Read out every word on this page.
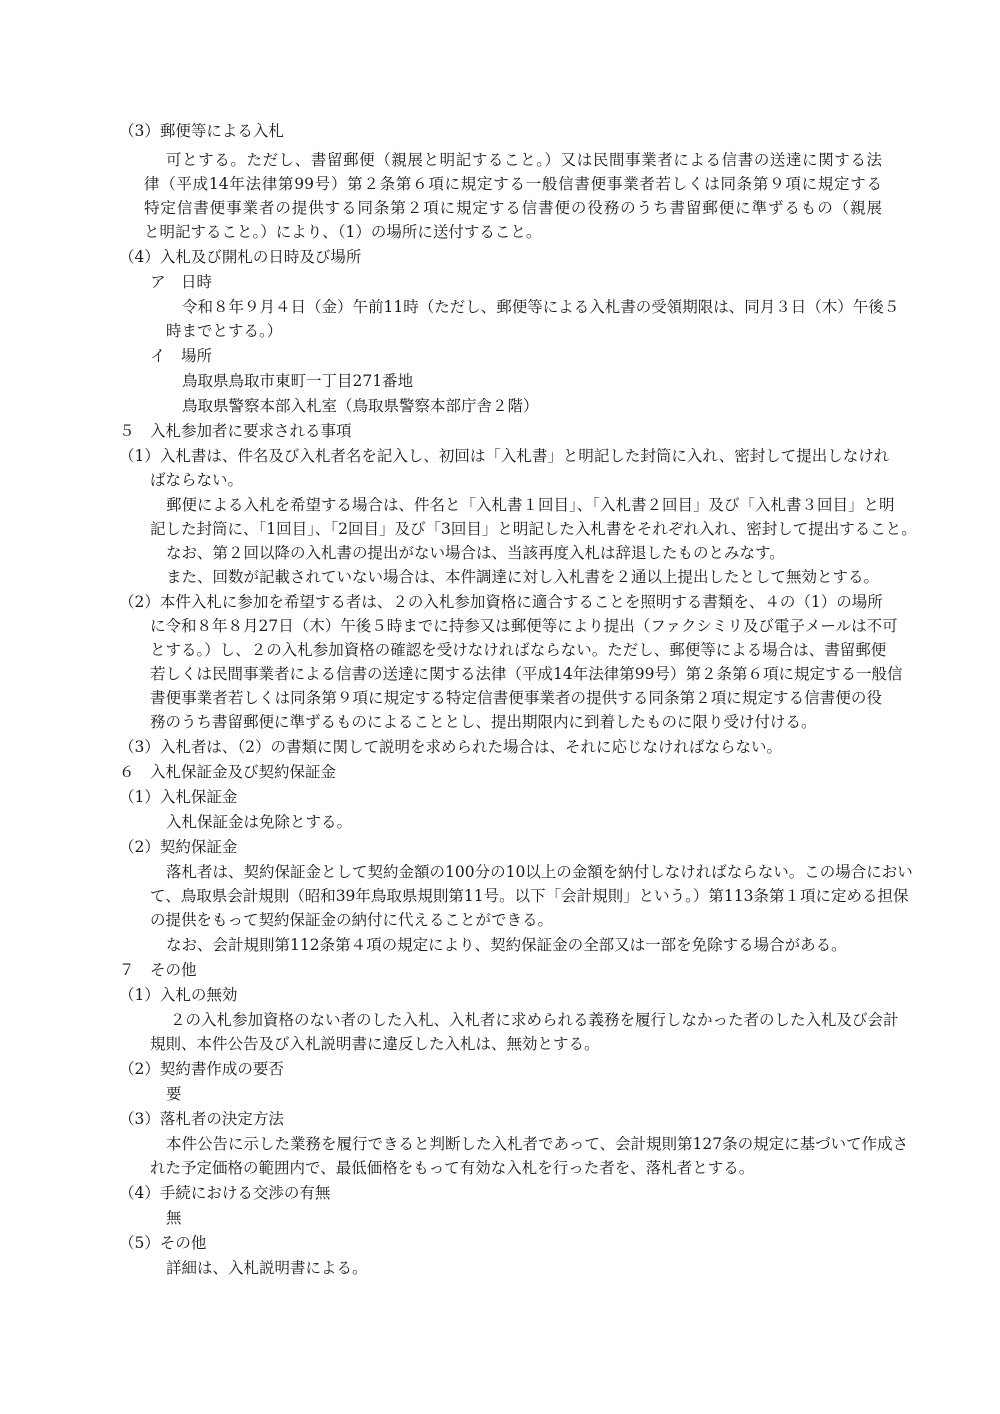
（3）郵便等による入札
可とする。ただし、書留郵便（親展と明記すること。）又は民間事業者による信書の送達に関する法
律（平成14年法律第99号）第２条第６項に規定する一般信書便事業者若しくは同条第９項に規定する
特定信書便事業者の提供する同条第２項に規定する信書便の役務のうち書留郵便に準ずるもの（親展
と明記すること。）により、（1）の場所に送付すること。
（4）入札及び開札の日時及び場所
ア　日時
令和８年９月４日（金）午前11時（ただし、郵便等による入札書の受領期限は、同月３日（木）午後５
時までとする。）
イ　場所
鳥取県鳥取市東町一丁目271番地
鳥取県警察本部入札室（鳥取県警察本部庁舎２階）
５　入札参加者に要求される事項
（1）入札書は、件名及び入札者名を記入し、初回は「入札書」と明記した封筒に入れ、密封して提出しなけれ
ばならない。
郵便による入札を希望する場合は、件名と「入札書１回目」、「入札書２回目」及び「入札書３回目」と明
記した封筒に、「1回目」、「2回目」及び「3回目」と明記した入札書をそれぞれ入れ、密封して提出すること。
なお、第２回以降の入札書の提出がない場合は、当該再度入札は辞退したものとみなす。
また、回数が記載されていない場合は、本件調達に対し入札書を２通以上提出したとして無効とする。
（2）本件入札に参加を希望する者は、２の入札参加資格に適合することを照明する書類を、４の（1）の場所
に令和８年８月27日（木）午後５時までに持参又は郵便等により提出（ファクシミリ及び電子メールは不可
とする。）し、２の入札参加資格の確認を受けなければならない。ただし、郵便等による場合は、書留郵便
若しくは民間事業者による信書の送達に関する法律（平成14年法律第99号）第２条第６項に規定する一般信
書便事業者若しくは同条第９項に規定する特定信書便事業者の提供する同条第２項に規定する信書便の役
務のうち書留郵便に準ずるものによることとし、提出期限内に到着したものに限り受け付ける。
（3）入札者は、（2）の書類に関して説明を求められた場合は、それに応じなければならない。
６　入札保証金及び契約保証金
（1）入札保証金
入札保証金は免除とする。
（2）契約保証金
落札者は、契約保証金として契約金額の100分の10以上の金額を納付しなければならない。この場合におい
て、鳥取県会計規則（昭和39年鳥取県規則第11号。以下「会計規則」という。）第113条第１項に定める担保
の提供をもって契約保証金の納付に代えることができる。
なお、会計規則第112条第４項の規定により、契約保証金の全部又は一部を免除する場合がある。
７　その他
（1）入札の無効
２の入札参加資格のない者のした入札、入札者に求められる義務を履行しなかった者のした入札及び会計
規則、本件公告及び入札説明書に違反した入札は、無効とする。
（2）契約書作成の要否
要
（3）落札者の決定方法
本件公告に示した業務を履行できると判断した入札者であって、会計規則第127条の規定に基づいて作成さ
れた予定価格の範囲内で、最低価格をもって有効な入札を行った者を、落札者とする。
（4）手続における交渉の有無
無
（5）その他
詳細は、入札説明書による。
